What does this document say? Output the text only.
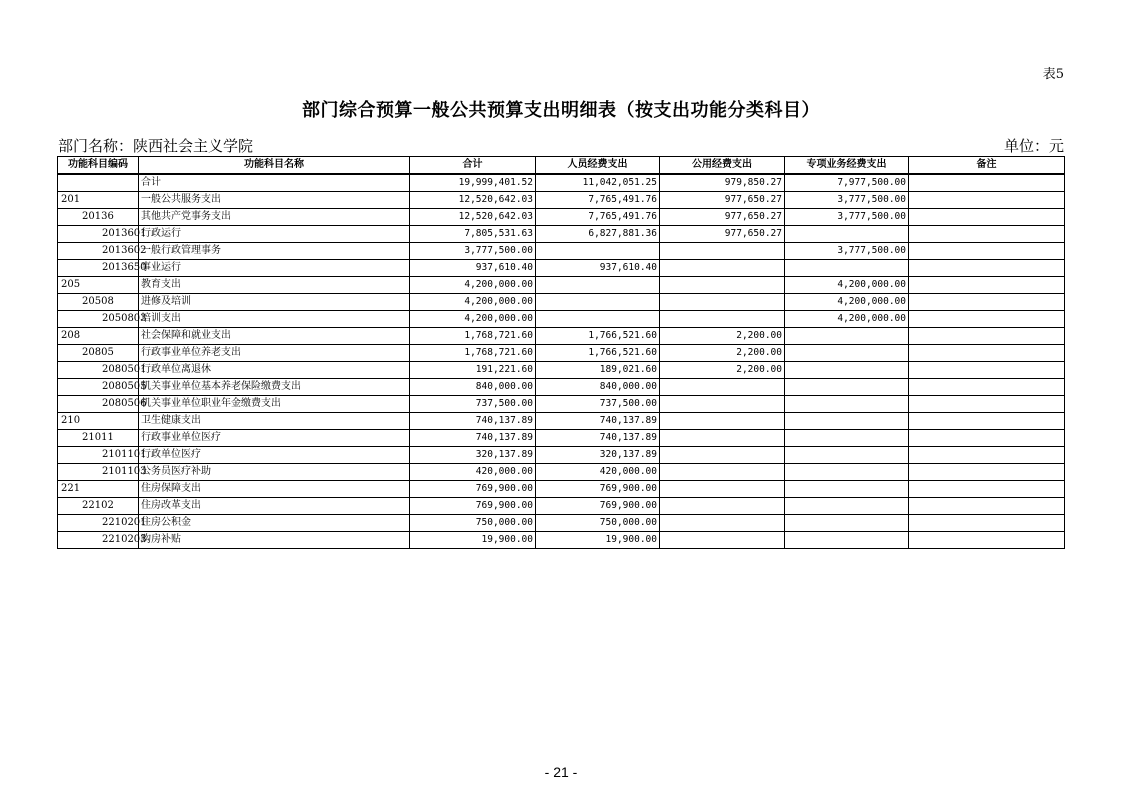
表5
部门综合预算一般公共预算支出明细表（按支出功能分类科目）
部门名称：陕西社会主义学院	单位：元
功能科目编码	功能科目名称	合计	人员经费支出	公用经费支出	专项业务经费支出	备注
	合计	19,999,401.52	11,042,051.25	979,850.27	7,977,500.00	
201	一般公共服务支出	12,520,642.03	7,765,491.76	977,650.27	3,777,500.00	
20136	其他共产党事务支出	12,520,642.03	7,765,491.76	977,650.27	3,777,500.00	
2013601	行政运行	7,805,531.63	6,827,881.36	977,650.27		
2013602	一般行政管理事务	3,777,500.00			3,777,500.00	
2013650	事业运行	937,610.40	937,610.40			
205	教育支出	4,200,000.00			4,200,000.00	
20508	进修及培训	4,200,000.00			4,200,000.00	
2050803	培训支出	4,200,000.00			4,200,000.00	
208	社会保障和就业支出	1,768,721.60	1,766,521.60	2,200.00		
20805	行政事业单位养老支出	1,768,721.60	1,766,521.60	2,200.00		
2080501	行政单位离退休	191,221.60	189,021.60	2,200.00		
2080505	机关事业单位基本养老保险缴费支出	840,000.00	840,000.00			
2080506	机关事业单位职业年金缴费支出	737,500.00	737,500.00			
210	卫生健康支出	740,137.89	740,137.89			
21011	行政事业单位医疗	740,137.89	740,137.89			
2101101	行政单位医疗	320,137.89	320,137.89			
2101103	公务员医疗补助	420,000.00	420,000.00			
221	住房保障支出	769,900.00	769,900.00			
22102	住房改革支出	769,900.00	769,900.00			
2210201	住房公积金	750,000.00	750,000.00			
2210203	购房补贴	19,900.00	19,900.00			
- 21 -
